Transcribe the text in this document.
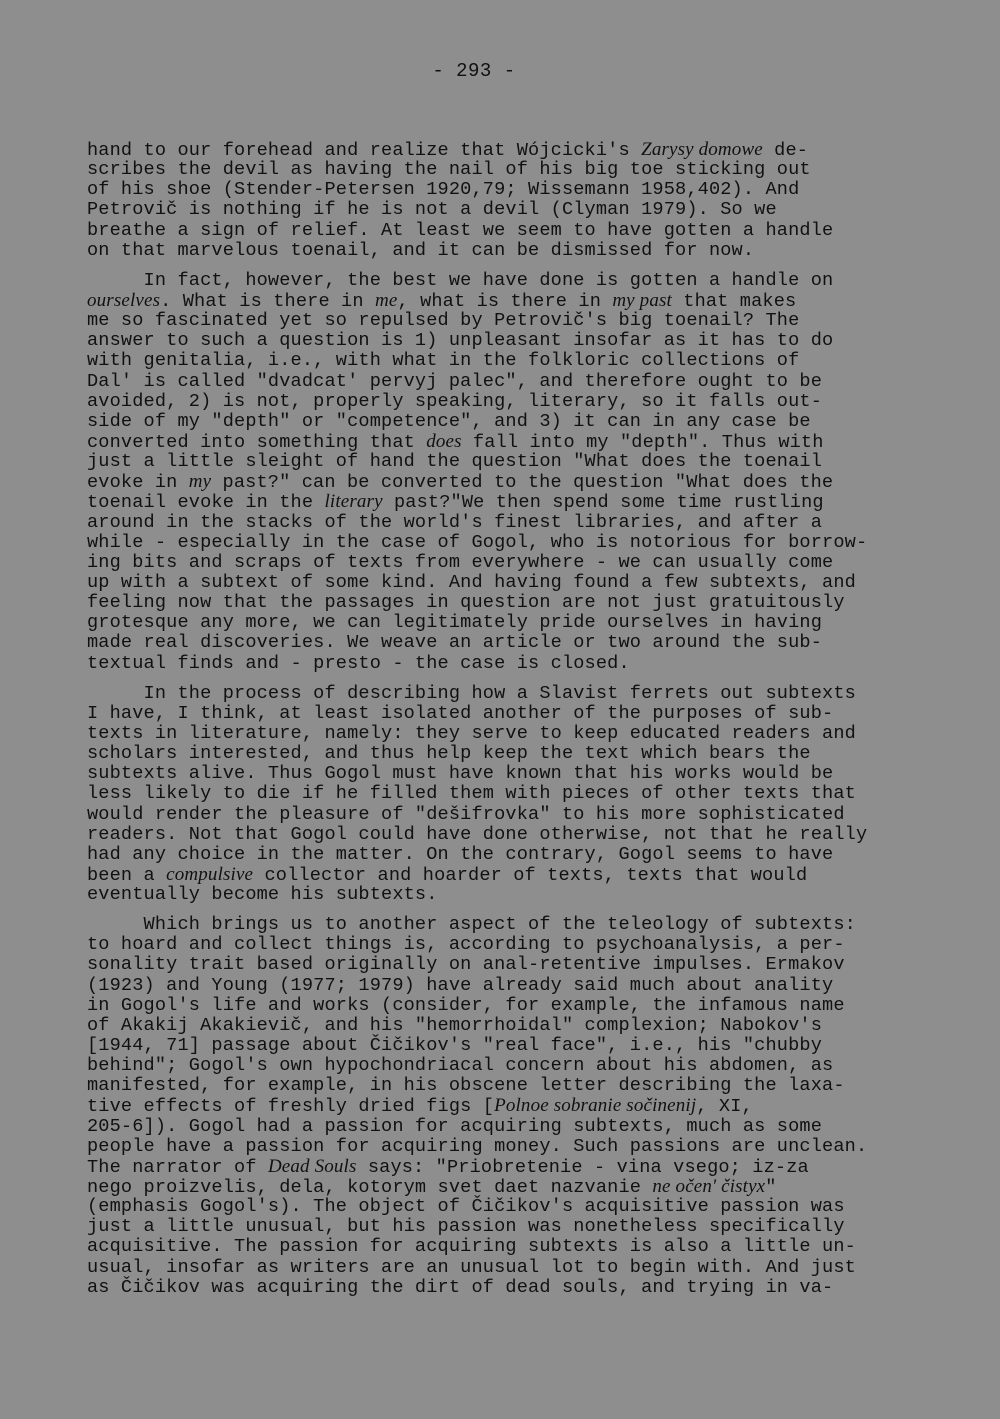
- 293 -
hand to our forehead and realize that Wójcicki's Zarysy domowe de-
scribes the devil as having the nail of his big toe sticking out
of his shoe (Stender-Petersen 1920,79; Wissemann 1958,402). And
Petrovič is nothing if he is not a devil (Clyman 1979). So we
breathe a sign of relief. At least we seem to have gotten a handle
on that marvelous toenail, and it can be dismissed for now.
In fact, however, the best we have done is gotten a handle on
ourselves. What is there in me, what is there in my past that makes
me so fascinated yet so repulsed by Petrovič's big toenail? The
answer to such a question is 1) unpleasant insofar as it has to do
with genitalia, i.e., with what in the folkloric collections of
Dal' is called "dvadcat' pervyj palec", and therefore ought to be
avoided, 2) is not, properly speaking, literary, so it falls out-
side of my "depth" or "competence", and 3) it can in any case be
converted into something that does fall into my "depth". Thus with
just a little sleight of hand the question "What does the toenail
evoke in my past?" can be converted to the question "What does the
toenail evoke in the literary past?"We then spend some time rustling
around in the stacks of the world's finest libraries, and after a
while - especially in the case of Gogol, who is notorious for borrow-
ing bits and scraps of texts from everywhere - we can usually come
up with a subtext of some kind. And having found a few subtexts, and
feeling now that the passages in question are not just gratuitously
grotesque any more, we can legitimately pride ourselves in having
made real discoveries. We weave an article or two around the sub-
textual finds and - presto - the case is closed.
In the process of describing how a Slavist ferrets out subtexts
I have, I think, at least isolated another of the purposes of sub-
texts in literature, namely: they serve to keep educated readers and
scholars interested, and thus help keep the text which bears the
subtexts alive. Thus Gogol must have known that his works would be
less likely to die if he filled them with pieces of other texts that
would render the pleasure of "dešifrovka" to his more sophisticated
readers. Not that Gogol could have done otherwise, not that he really
had any choice in the matter. On the contrary, Gogol seems to have
been a compulsive collector and hoarder of texts, texts that would
eventually become his subtexts.
Which brings us to another aspect of the teleology of subtexts:
to hoard and collect things is, according to psychoanalysis, a per-
sonality trait based originally on anal-retentive impulses. Ermakov
(1923) and Young (1977; 1979) have already said much about anality
in Gogol's life and works (consider, for example, the infamous name
of Akakij Akakievič, and his "hemorrhoidal" complexion; Nabokov's
[1944, 71] passage about Čičikov's "real face", i.e., his "chubby
behind"; Gogol's own hypochondriacal concern about his abdomen, as
manifested, for example, in his obscene letter describing the laxa-
tive effects of freshly dried figs [Polnoe sobranie sočinenij, XI,
205-6]). Gogol had a passion for acquiring subtexts, much as some
people have a passion for acquiring money. Such passions are unclean.
The narrator of Dead Souls says: "Priobretenie - vina vsego; iz-za
nego proizvelis, dela, kotorym svet daet nazvanie ne očen' čistyx"
(emphasis Gogol's). The object of Čičikov's acquisitive passion was
just a little unusual, but his passion was nonetheless specifically
acquisitive. The passion for acquiring subtexts is also a little un-
usual, insofar as writers are an unusual lot to begin with. And just
as Čičikov was acquiring the dirt of dead souls, and trying in va-
